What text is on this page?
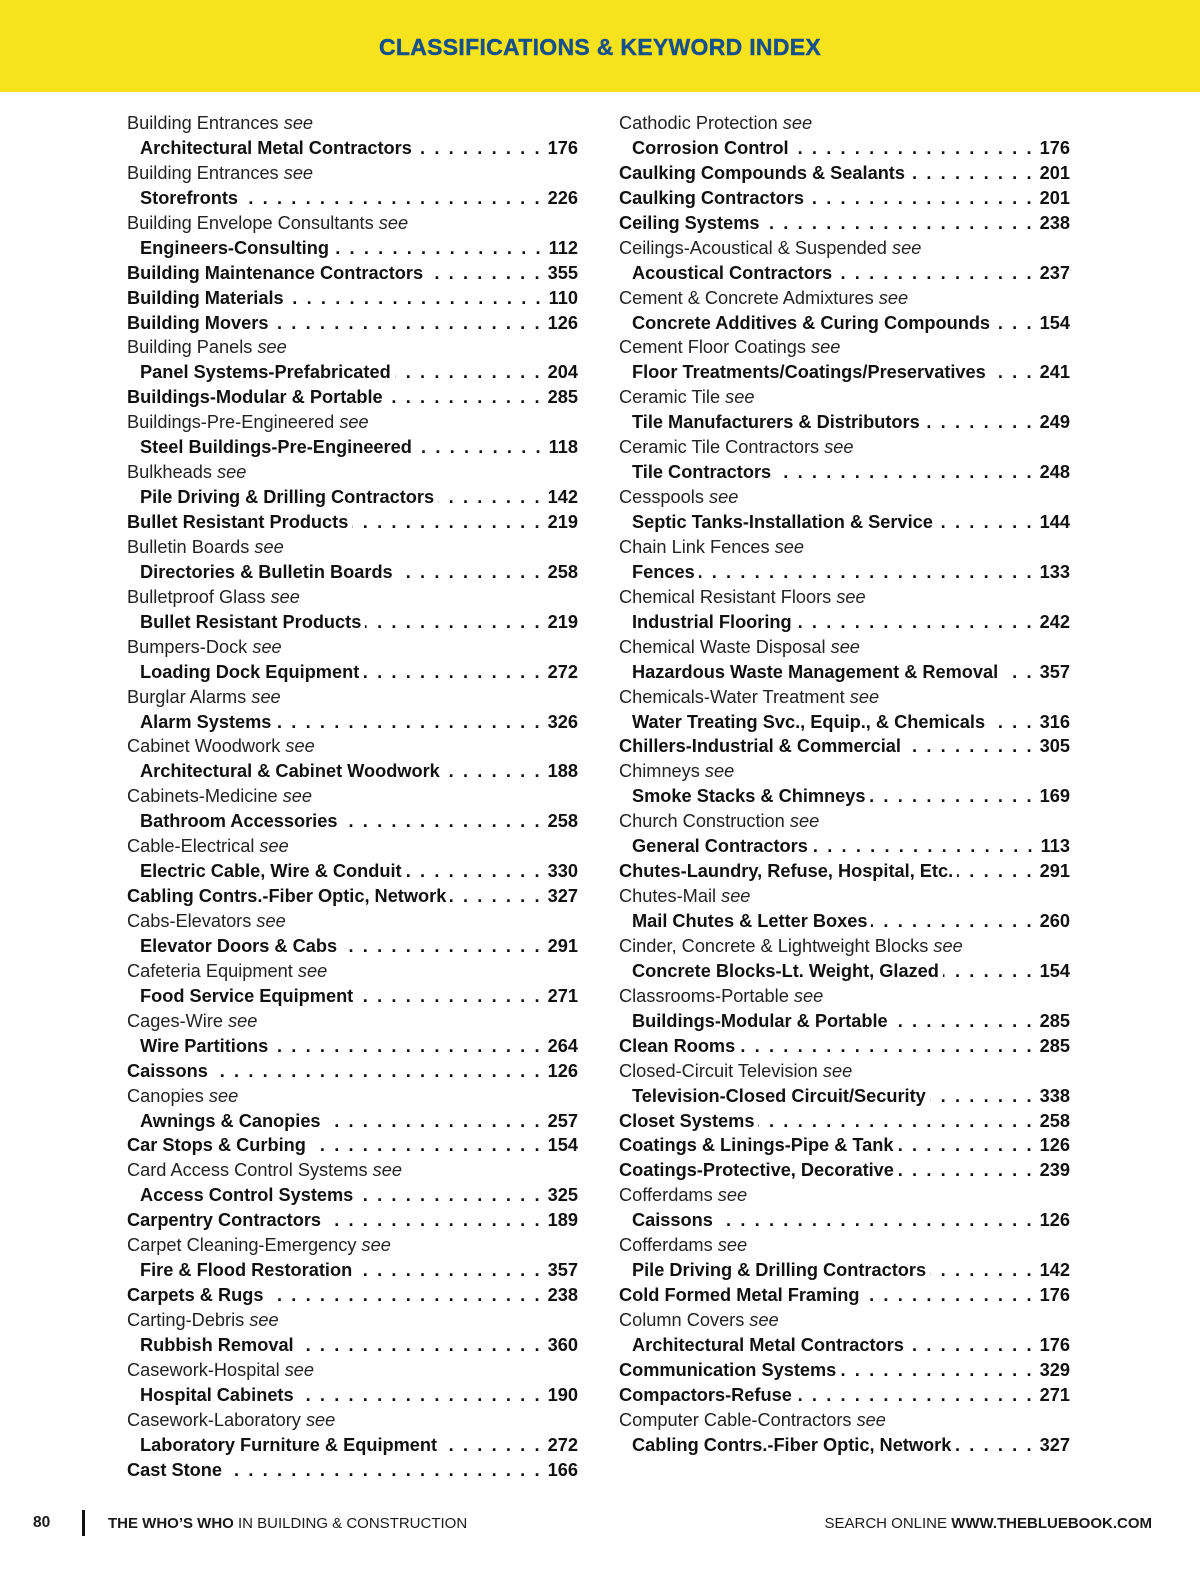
CLASSIFICATIONS & KEYWORD INDEX
Building Entrances see
Architectural Metal Contractors . . .	176
Building Entrances see
Storefronts . . .	226
Building Envelope Consultants see
Engineers-Consulting . . .	112
Building Maintenance Contractors . . .	355
Building Materials . . .	110
Building Movers . . .	126
Building Panels see
Panel Systems-Prefabricated . . .	204
Buildings-Modular & Portable . . .	285
Buildings-Pre-Engineered see
Steel Buildings-Pre-Engineered . . .	118
Bulkheads see
Pile Driving & Drilling Contractors . . .	142
Bullet Resistant Products . . .	219
Bulletin Boards see
Directories & Bulletin Boards . . .	258
Bulletproof Glass see
Bullet Resistant Products . . .	219
Bumpers-Dock see
Loading Dock Equipment . . .	272
Burglar Alarms see
Alarm Systems . . .	326
Cabinet Woodwork see
Architectural & Cabinet Woodwork . . .	188
Cabinets-Medicine see
Bathroom Accessories . . .	258
Cable-Electrical see
Electric Cable, Wire & Conduit . . .	330
Cabling Contrs.-Fiber Optic, Network . . .	327
Cabs-Elevators see
Elevator Doors & Cabs . . .	291
Cafeteria Equipment see
Food Service Equipment . . .	271
Cages-Wire see
Wire Partitions . . .	264
Caissons . . .	126
Canopies see
Awnings & Canopies . . .	257
Car Stops & Curbing . . .	154
Card Access Control Systems see
Access Control Systems . . .	325
Carpentry Contractors . . .	189
Carpet Cleaning-Emergency see
Fire & Flood Restoration . . .	357
Carpets & Rugs . . .	238
Carting-Debris see
Rubbish Removal . . .	360
Casework-Hospital see
Hospital Cabinets . . .	190
Casework-Laboratory see
Laboratory Furniture & Equipment . . .	272
Cast Stone . . .	166
Cathodic Protection see
Corrosion Control . . .	176
Caulking Compounds & Sealants . . .	201
Caulking Contractors . . .	201
Ceiling Systems . . .	238
Ceilings-Acoustical & Suspended see
Acoustical Contractors . . .	237
Cement & Concrete Admixtures see
Concrete Additives & Curing Compounds . . .	154
Cement Floor Coatings see
Floor Treatments/Coatings/Preservatives . . .	241
Ceramic Tile see
Tile Manufacturers & Distributors . . .	249
Ceramic Tile Contractors see
Tile Contractors . . .	248
Cesspools see
Septic Tanks-Installation & Service . . .	144
Chain Link Fences see
Fences . . .	133
Chemical Resistant Floors see
Industrial Flooring . . .	242
Chemical Waste Disposal see
Hazardous Waste Management & Removal . . .	357
Chemicals-Water Treatment see
Water Treating Svc., Equip., & Chemicals . . .	316
Chillers-Industrial & Commercial . . .	305
Chimneys see
Smoke Stacks & Chimneys . . .	169
Church Construction see
General Contractors . . .	113
Chutes-Laundry, Refuse, Hospital, Etc. . . .	291
Chutes-Mail see
Mail Chutes & Letter Boxes . . .	260
Cinder, Concrete & Lightweight Blocks see
Concrete Blocks-Lt. Weight, Glazed . . .	154
Classrooms-Portable see
Buildings-Modular & Portable . . .	285
Clean Rooms . . .	285
Closed-Circuit Television see
Television-Closed Circuit/Security . . .	338
Closet Systems . . .	258
Coatings & Linings-Pipe & Tank . . .	126
Coatings-Protective, Decorative . . .	239
Cofferdams see
Caissons . . .	126
Cofferdams see
Pile Driving & Drilling Contractors . . .	142
Cold Formed Metal Framing . . .	176
Column Covers see
Architectural Metal Contractors . . .	176
Communication Systems . . .	329
Compactors-Refuse . . .	271
Computer Cable-Contractors see
Cabling Contrs.-Fiber Optic, Network . . .	327
80	THE WHO’S WHO IN BUILDING & CONSTRUCTION	SEARCH ONLINE WWW.THEBLUEBOOK.COM
